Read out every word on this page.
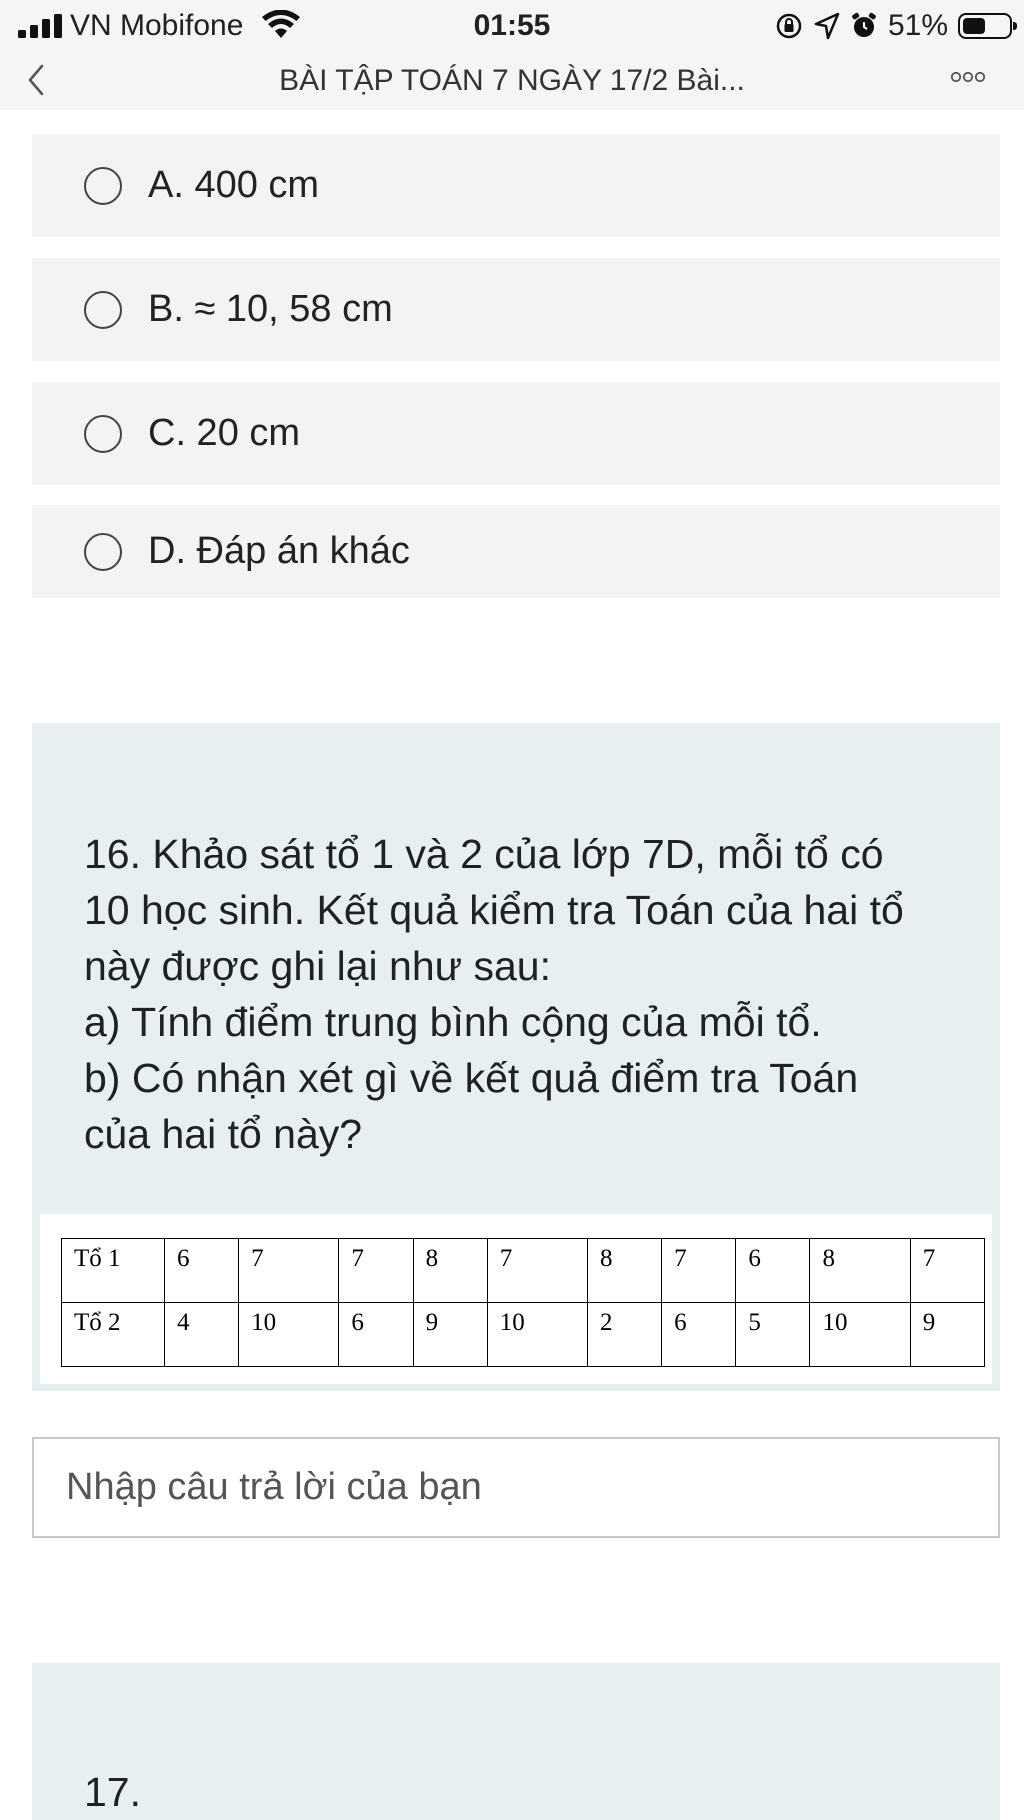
VN Mobifone	01:55	51%
BÀI TẬP TOÁN 7 NGÀY 17/2 Bài...
A. 400 cm
B. ≈ 10, 58 cm
C. 20 cm
D. Đáp án khác
16. Khảo sát tổ 1 và 2 của lớp 7D, mỗi tổ có
10 học sinh. Kết quả kiểm tra Toán của hai tổ
này được ghi lại như sau:
a) Tính điểm trung bình cộng của mỗi tổ.
b) Có nhận xét gì về kết quả điểm tra Toán
của hai tổ này?
Tổ 1	6	7	7	8	7	8	7	6	8	7
Tổ 2	4	10	6	9	10	2	6	5	10	9
Nhập câu trả lời của bạn
17.
